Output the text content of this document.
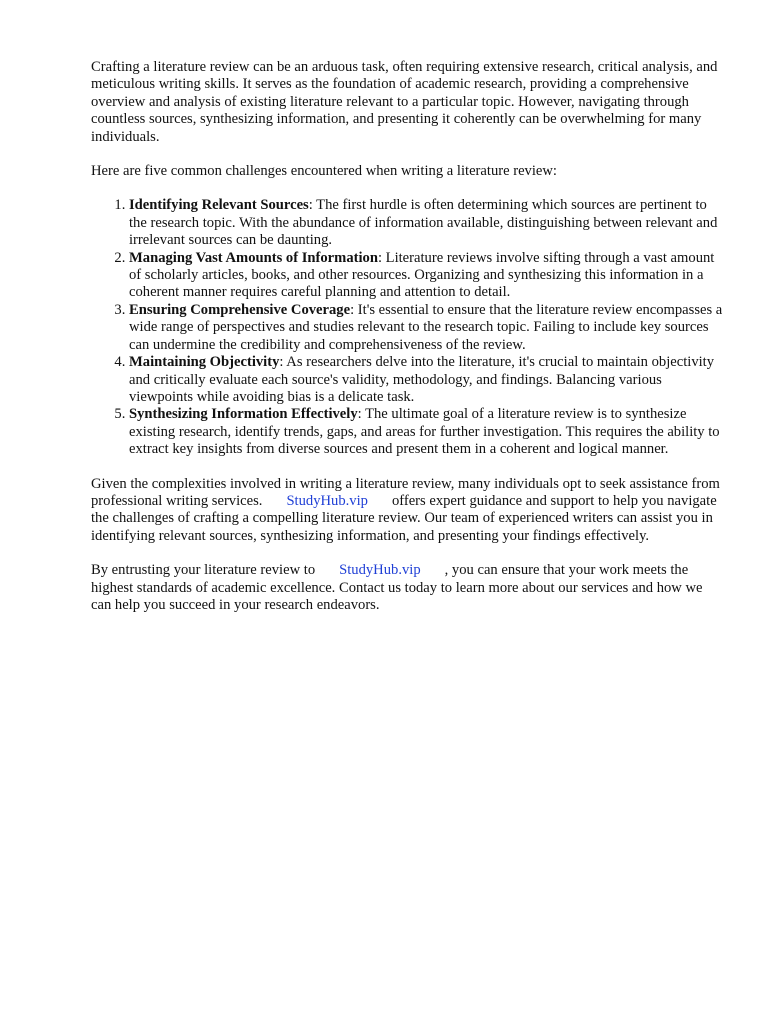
Crafting a literature review can be an arduous task, often requiring extensive research, critical analysis, and meticulous writing skills. It serves as the foundation of academic research, providing a comprehensive overview and analysis of existing literature relevant to a particular topic. However, navigating through countless sources, synthesizing information, and presenting it coherently can be overwhelming for many individuals.

Here are five common challenges encountered when writing a literature review:

1. Identifying Relevant Sources: The first hurdle is often determining which sources are pertinent to the research topic. With the abundance of information available, distinguishing between relevant and irrelevant sources can be daunting.
2. Managing Vast Amounts of Information: Literature reviews involve sifting through a vast amount of scholarly articles, books, and other resources. Organizing and synthesizing this information in a coherent manner requires careful planning and attention to detail.
3. Ensuring Comprehensive Coverage: It's essential to ensure that the literature review encompasses a wide range of perspectives and studies relevant to the research topic. Failing to include key sources can undermine the credibility and comprehensiveness of the review.
4. Maintaining Objectivity: As researchers delve into the literature, it's crucial to maintain objectivity and critically evaluate each source's validity, methodology, and findings. Balancing various viewpoints while avoiding bias is a delicate task.
5. Synthesizing Information Effectively: The ultimate goal of a literature review is to synthesize existing research, identify trends, gaps, and areas for further investigation. This requires the ability to extract key insights from diverse sources and present them in a coherent and logical manner.

Given the complexities involved in writing a literature review, many individuals opt to seek assistance from professional writing services. StudyHub.vip offers expert guidance and support to help you navigate the challenges of crafting a compelling literature review. Our team of experienced writers can assist you in identifying relevant sources, synthesizing information, and presenting your findings effectively.

By entrusting your literature review to StudyHub.vip , you can ensure that your work meets the highest standards of academic excellence. Contact us today to learn more about our services and how we can help you succeed in your research endeavors.
